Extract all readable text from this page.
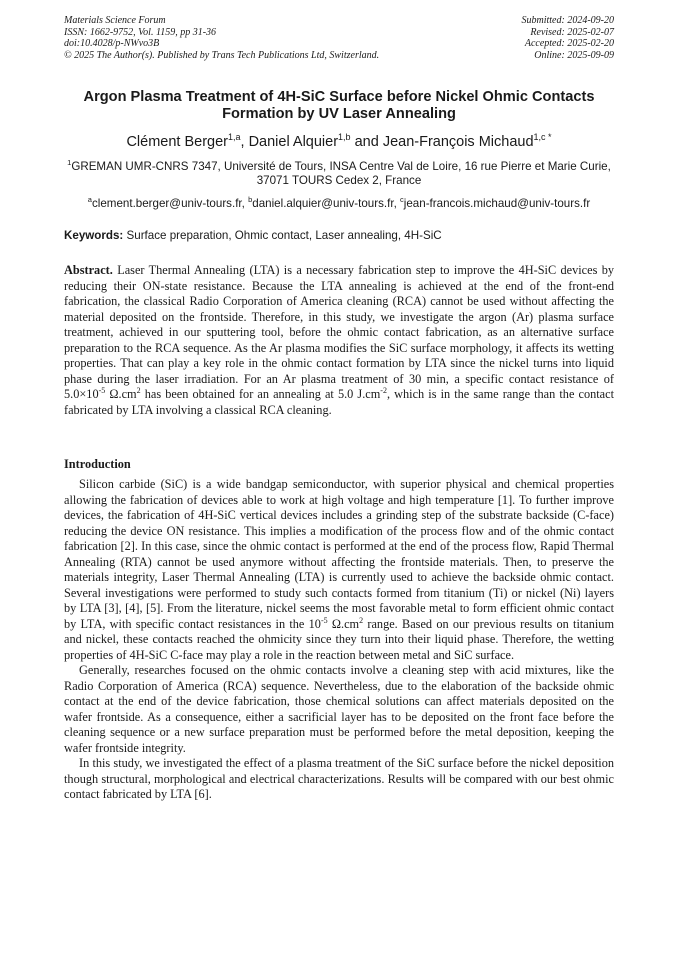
Materials Science Forum
ISSN: 1662-9752, Vol. 1159, pp 31-36
doi:10.4028/p-NWvo3B
© 2025 The Author(s). Published by Trans Tech Publications Ltd, Switzerland.
Submitted: 2024-09-20
Revised: 2025-02-07
Accepted: 2025-02-20
Online: 2025-09-09
Argon Plasma Treatment of 4H-SiC Surface before Nickel Ohmic Contacts Formation by UV Laser Annealing
Clément Berger$^{1,a}$, Daniel Alquier$^{1,b}$ and Jean-François Michaud$^{1,c *}$
$^1$GREMAN UMR-CNRS 7347, Université de Tours, INSA Centre Val de Loire, 16 rue Pierre et Marie Curie, 37071 TOURS Cedex 2, France
$^a$clement.berger@univ-tours.fr, $^b$daniel.alquier@univ-tours.fr, $^c$jean-francois.michaud@univ-tours.fr
Keywords: Surface preparation, Ohmic contact, Laser annealing, 4H-SiC

Abstract. Laser Thermal Annealing (LTA) is a necessary fabrication step to improve the 4H-SiC devices by reducing their ON-state resistance. Because the LTA annealing is achieved at the end of the front-end fabrication, the classical Radio Corporation of America cleaning (RCA) cannot be used without affecting the material deposited on the frontside. Therefore, in this study, we investigate the argon (Ar) plasma surface treatment, achieved in our sputtering tool, before the ohmic contact fabrication, as an alternative surface preparation to the RCA sequence. As the Ar plasma modifies the SiC surface morphology, it affects its wetting properties. That can play a key role in the ohmic contact formation by LTA since the nickel turns into liquid phase during the laser irradiation. For an Ar plasma treatment of 30 min, a specific contact resistance of $5.0\times 10^{-5}$ $\Omega.cm^2$ has been obtained for an annealing at 5.0 $J.cm^{-2}$, which is in the same range than the contact fabricated by LTA involving a classical RCA cleaning.

Introduction

Silicon carbide (SiC) is a wide bandgap semiconductor, with superior physical and chemical properties allowing the fabrication of devices able to work at high voltage and high temperature [1]. To further improve devices, the fabrication of 4H-SiC vertical devices includes a grinding step of the substrate backside (C-face) reducing the device ON resistance. This implies a modification of the process flow and of the ohmic contact fabrication [2]. In this case, since the ohmic contact is performed at the end of the process flow, Rapid Thermal Annealing (RTA) cannot be used anymore without affecting the frontside materials. Then, to preserve the materials integrity, Laser Thermal Annealing (LTA) is currently used to achieve the backside ohmic contact. Several investigations were performed to study such contacts formed from titanium (Ti) or nickel (Ni) layers by LTA [3], [4], [5]. From the literature, nickel seems the most favorable metal to form efficient ohmic contact by LTA, with specific contact resistances in the $10^{-5}$ $\Omega.cm^2$ range. Based on our previous results on titanium and nickel, these contacts reached the ohmicity since they turn into their liquid phase. Therefore, the wetting properties of 4H-SiC C-face may play a role in the reaction between metal and SiC surface.

Generally, researches focused on the ohmic contacts involve a cleaning step with acid mixtures, like the Radio Corporation of America (RCA) sequence. Nevertheless, due to the elaboration of the backside ohmic contact at the end of the device fabrication, those chemical solutions can affect materials deposited on the wafer frontside. As a consequence, either a sacrificial layer has to be deposited on the front face before the cleaning sequence or a new surface preparation must be performed before the metal deposition, keeping the wafer frontside integrity.

In this study, we investigated the effect of a plasma treatment of the SiC surface before the nickel deposition though structural, morphological and electrical characterizations. Results will be compared with our best ohmic contact fabricated by LTA [6].
